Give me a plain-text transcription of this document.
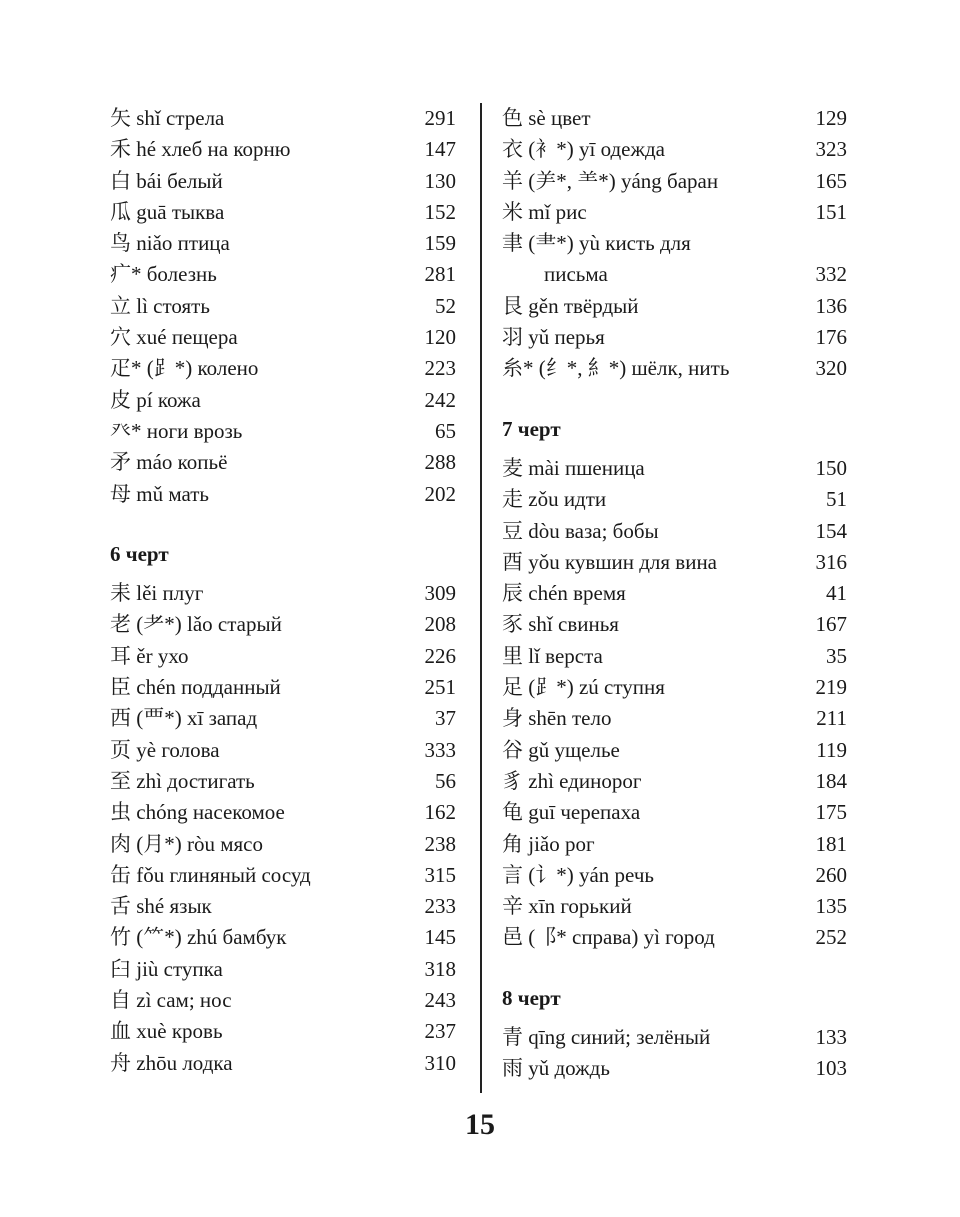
矢 shǐ стрела	291
禾 hé хлеб на корню	147
白 bái белый	130
瓜 guā тыква	152
鸟 niǎo птица	159
疒* болезнь	281
立 lì стоять	52
穴 xué пещера	120
疋* (⻊*) колено	223
皮 pí кожа	242
癶* ноги врозь	65
矛 máo копьё	288
母 mǔ мать	202
6 черт
耒 lěi плуг	309
老 (耂*) lǎo старый	208
耳 ěr ухо	226
臣 chén подданный	251
西 (覀*) xī запад	37
页 yè голова	333
至 zhì достигать	56
虫 chóng насекомое	162
肉 (月*) ròu мясо	238
缶 fǒu глиняный сосуд	315
舌 shé язык	233
竹 (⺮*) zhú бамбук	145
臼 jiù ступка	318
自 zì сам; нос	243
血 xuè кровь	237
舟 zhōu лодка	310
色 sè цвет	129
衣 (衤*) yī одежда	323
羊 (⺶*, ⺷*) yáng баран	165
米 mǐ рис	151
聿 (⺻*) yù кисть для
письма	332
艮 gěn твёрдый	136
羽 yǔ перья	176
糸* (纟*, 糹*) шёлк, нить	320
7 черт
麦 mài пшеница	150
走 zǒu идти	51
豆 dòu ваза; бобы	154
酉 yǒu кувшин для вина	316
辰 chén время	41
豕 shǐ свинья	167
里 lǐ верста	35
足 (⻊*) zú ступня	219
身 shēn тело	211
谷 gǔ ущелье	119
豸 zhì единорог	184
龟 guī черепаха	175
角 jiǎo рог	181
言 (讠*) yán речь	260
辛 xīn горький	135
邑 (⻏* справа) yì город	252
8 черт
青 qīng синий; зелёный	133
雨 yǔ дождь	103
15
